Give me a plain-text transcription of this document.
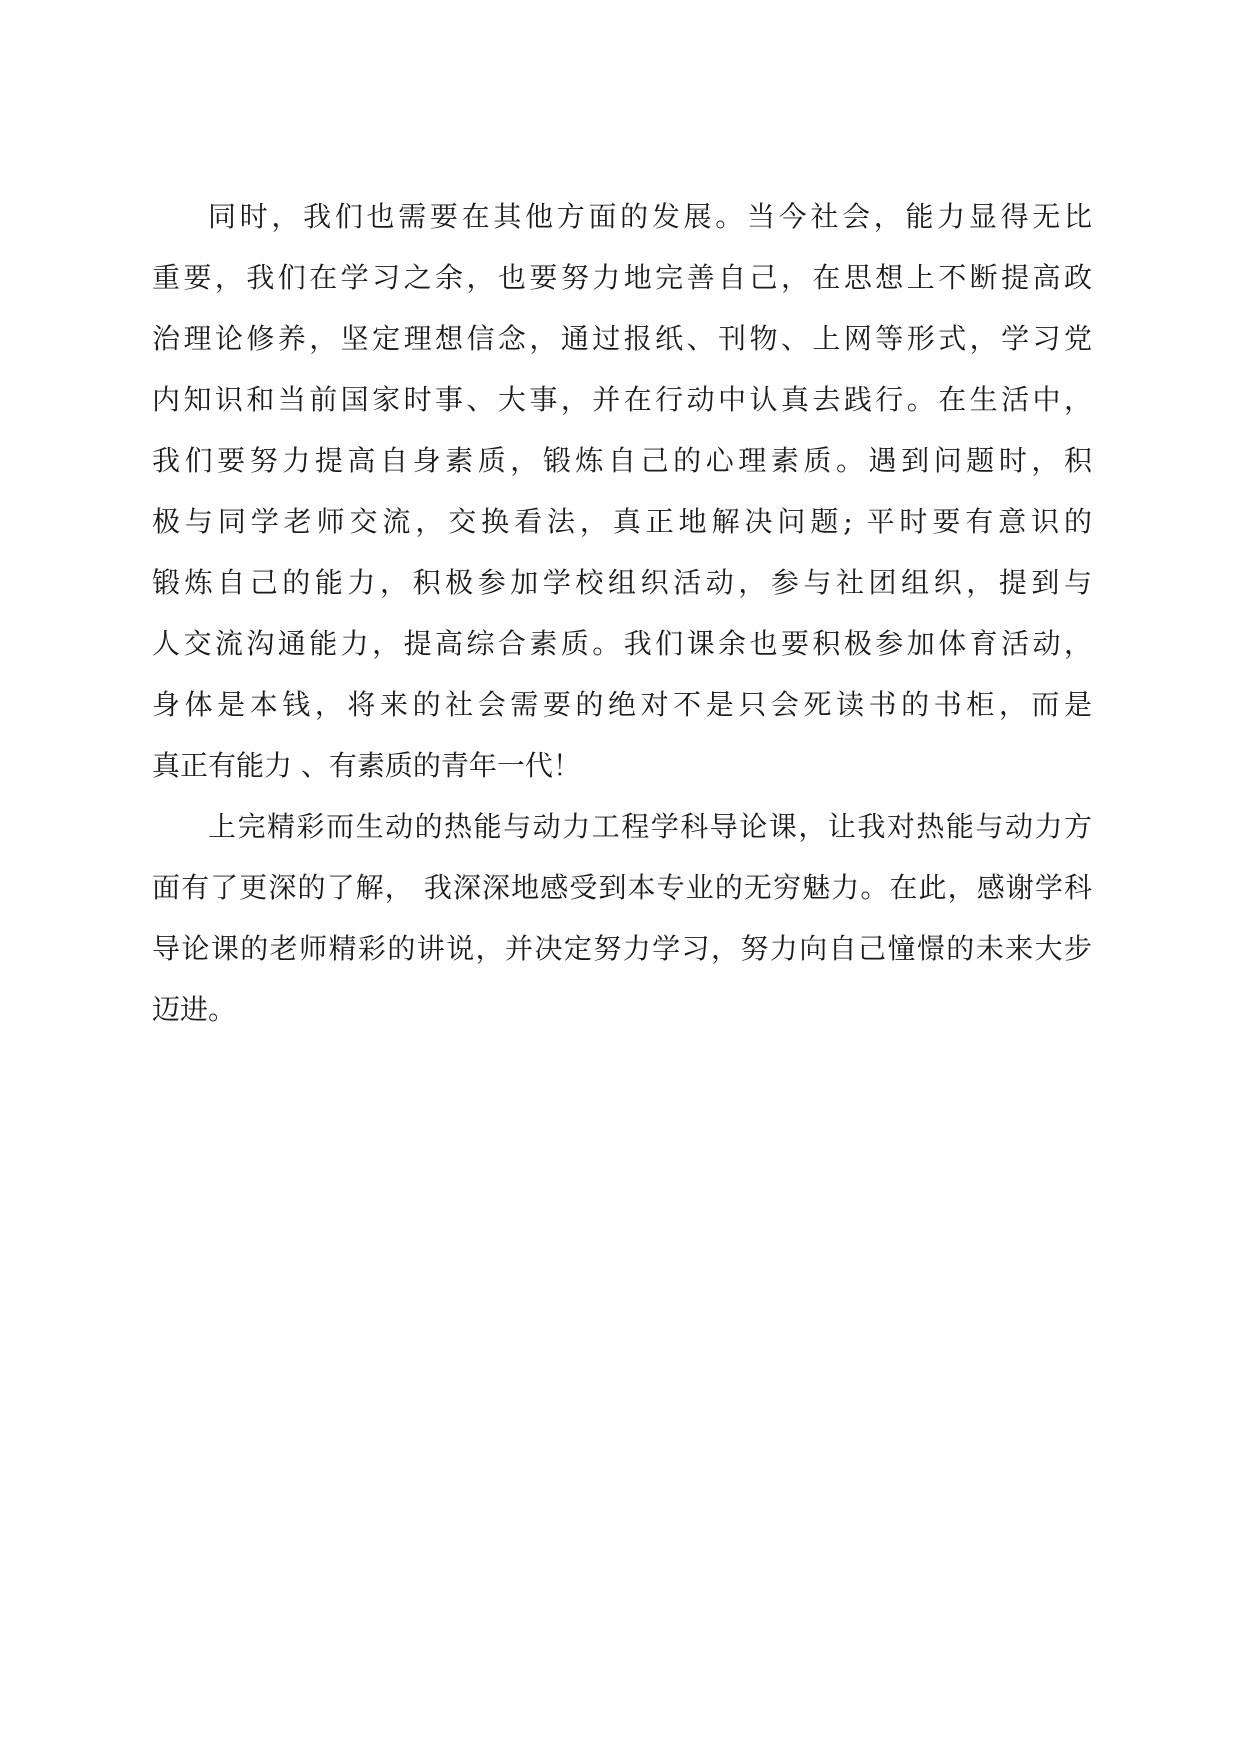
同时，我们也需要在其他方面的发展。当今社会，能力显得无比
重要，我们在学习之余，也要努力地完善自己，在思想上不断提高政
治理论修养，坚定理想信念，通过报纸、刊物、上网等形式，学习党
内知识和当前国家时事、大事，并在行动中认真去践行。在生活中，
我们要努力提高自身素质，锻炼自己的心理素质。遇到问题时，积
极与同学老师交流，交换看法，真正地解决问题; 平时要有意识的
锻炼自己的能力，积极参加学校组织活动，参与社团组织，提到与
人交流沟通能力，提高综合素质。我们课余也要积极参加体育活动，
身体是本钱，将来的社会需要的绝对不是只会死读书的书柜，而是
真正有能力 、有素质的青年一代！
上完精彩而生动的热能与动力工程学科导论课，让我对热能与动力方
面有了更深的了解， 我深深地感受到本专业的无穷魅力。在此，感谢学科
导论课的老师精彩的讲说，并决定努力学习，努力向自己憧憬的未来大步
迈进。
